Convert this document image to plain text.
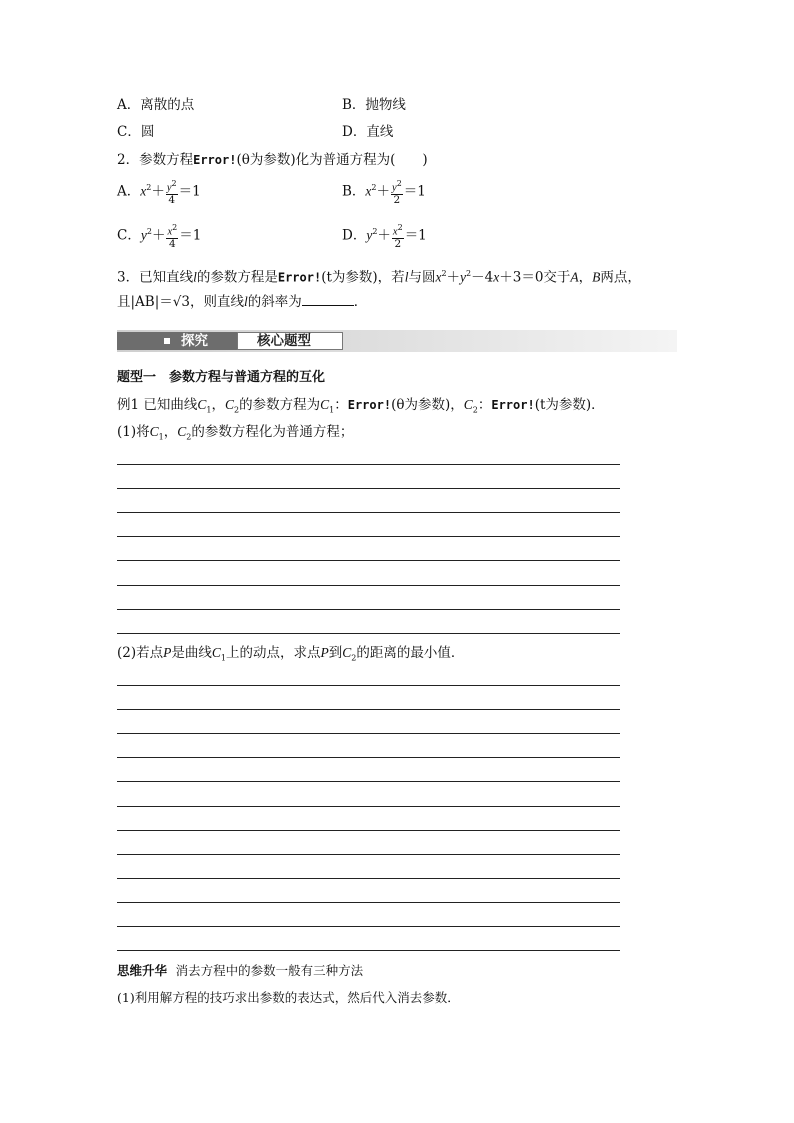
A．离散的点	B．抛物线
C．圆	D．直线
2．参数方程Error!(θ为参数)化为普通方程为(　　)
A．$x^2+ \frac{y^2}{4} =1$	B．$x^2+ \frac{y^2}{2} =1$
C．$y^2+ \frac{x^2}{4} =1$	D．$y^2+ \frac{x^2}{2} =1$
3．已知直线l的参数方程是Error!(t为参数)，若l与圆$x^2+y^2-4x+3=0$交于A，B两点，
且|AB|＝√3，则直线l的斜率为	．
探究	核心题型
题型一　参数方程与普通方程的互化
例1 已知曲线$C_1$，$C_2$的参数方程为$C_1$：Error!(θ为参数)，$C_2$：Error!(t为参数)．
(1)将$C_1$，$C_2$的参数方程化为普通方程；
(2)若点P是曲线$C_1$上的动点，求点P到$C_2$的距离的最小值．
思维升华 消去方程中的参数一般有三种方法
(1)利用解方程的技巧求出参数的表达式，然后代入消去参数．
